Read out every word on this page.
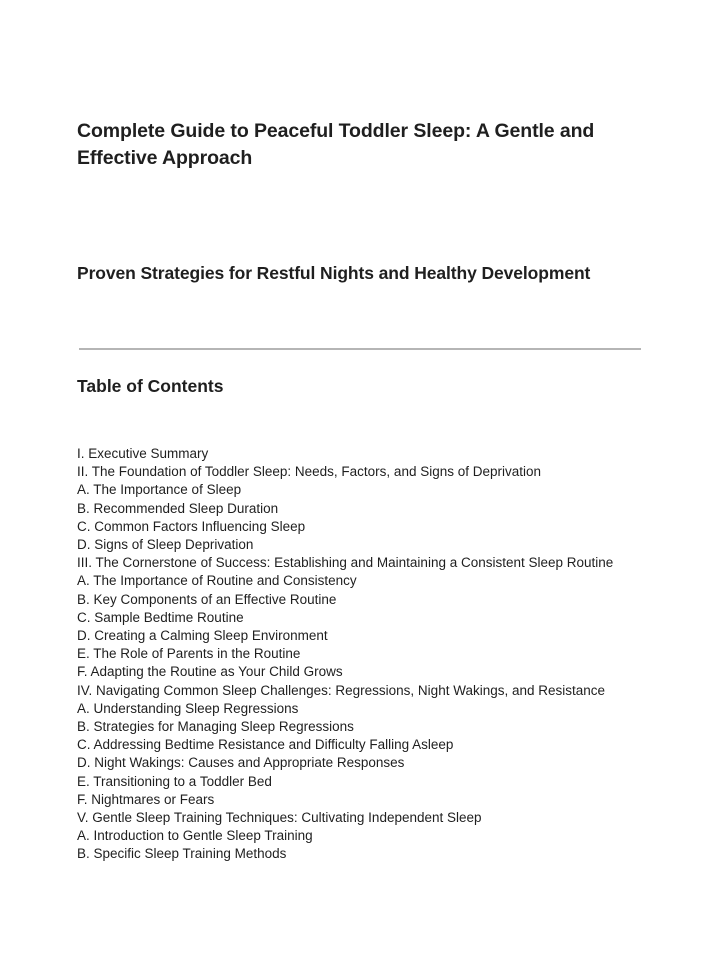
Complete Guide to Peaceful Toddler Sleep: A Gentle and Effective Approach
Proven Strategies for Restful Nights and Healthy Development
Table of Contents
I. Executive Summary
II. The Foundation of Toddler Sleep: Needs, Factors, and Signs of Deprivation
A. The Importance of Sleep
B. Recommended Sleep Duration
C. Common Factors Influencing Sleep
D. Signs of Sleep Deprivation
III. The Cornerstone of Success: Establishing and Maintaining a Consistent Sleep Routine
A. The Importance of Routine and Consistency
B. Key Components of an Effective Routine
C. Sample Bedtime Routine
D. Creating a Calming Sleep Environment
E. The Role of Parents in the Routine
F. Adapting the Routine as Your Child Grows
IV. Navigating Common Sleep Challenges: Regressions, Night Wakings, and Resistance
A. Understanding Sleep Regressions
B. Strategies for Managing Sleep Regressions
C. Addressing Bedtime Resistance and Difficulty Falling Asleep
D. Night Wakings: Causes and Appropriate Responses
E. Transitioning to a Toddler Bed
F. Nightmares or Fears
V. Gentle Sleep Training Techniques: Cultivating Independent Sleep
A. Introduction to Gentle Sleep Training
B. Specific Sleep Training Methods
